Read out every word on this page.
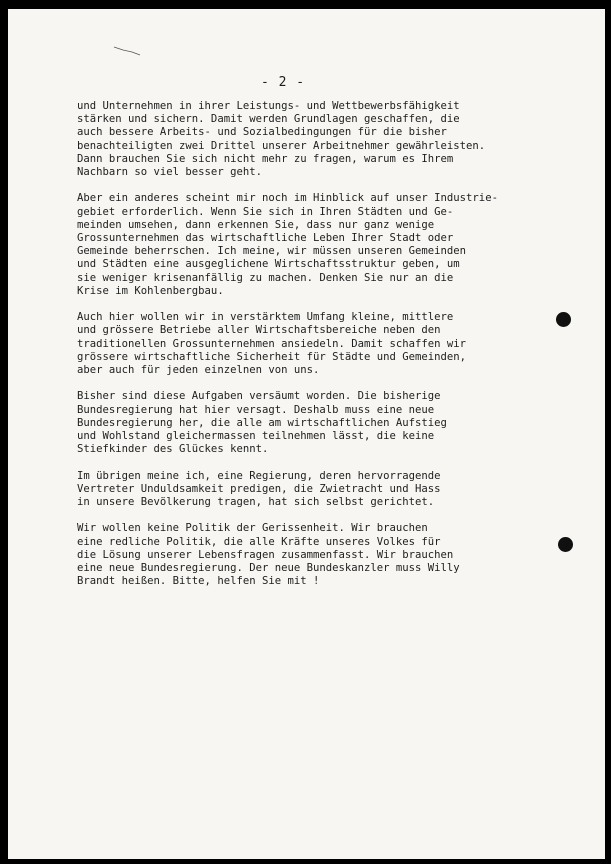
- 2 -
und Unternehmen in ihrer Leistungs- und Wettbewerbsfähigkeit
stärken und sichern. Damit werden Grundlagen geschaffen, die
auch bessere Arbeits- und Sozialbedingungen für die bisher
benachteiligten zwei Drittel unserer Arbeitnehmer gewährleisten.
Dann brauchen Sie sich nicht mehr zu fragen, warum es Ihrem
Nachbarn so viel besser geht.
Aber ein anderes scheint mir noch im Hinblick auf unser Industrie-
gebiet erforderlich. Wenn Sie sich in Ihren Städten und Ge-
meinden umsehen, dann erkennen Sie, dass nur ganz wenige
Grossunternehmen das wirtschaftliche Leben Ihrer Stadt oder
Gemeinde beherrschen. Ich meine, wir müssen unseren Gemeinden
und Städten eine ausgeglichene Wirtschaftsstruktur geben, um
sie weniger krisenanfällig zu machen. Denken Sie nur an die
Krise im Kohlenbergbau.
Auch hier wollen wir in verstärktem Umfang kleine, mittlere
und grössere Betriebe aller Wirtschaftsbereiche neben den
traditionellen Grossunternehmen ansiedeln. Damit schaffen wir
grössere wirtschaftliche Sicherheit für Städte und Gemeinden,
aber auch für jeden einzelnen von uns.
Bisher sind diese Aufgaben versäumt worden. Die bisherige
Bundesregierung hat hier versagt. Deshalb muss eine neue
Bundesregierung her, die alle am wirtschaftlichen Aufstieg
und Wohlstand gleichermassen teilnehmen lässt, die keine
Stiefkinder des Glückes kennt.
Im übrigen meine ich, eine Regierung, deren hervorragende
Vertreter Unduldsamkeit predigen, die Zwietracht und Hass
in unsere Bevölkerung tragen, hat sich selbst gerichtet.
Wir wollen keine Politik der Gerissenheit. Wir brauchen
eine redliche Politik, die alle Kräfte unseres Volkes für
die Lösung unserer Lebensfragen zusammenfasst. Wir brauchen
eine neue Bundesregierung. Der neue Bundeskanzler muss Willy
Brandt heißen. Bitte, helfen Sie mit !
